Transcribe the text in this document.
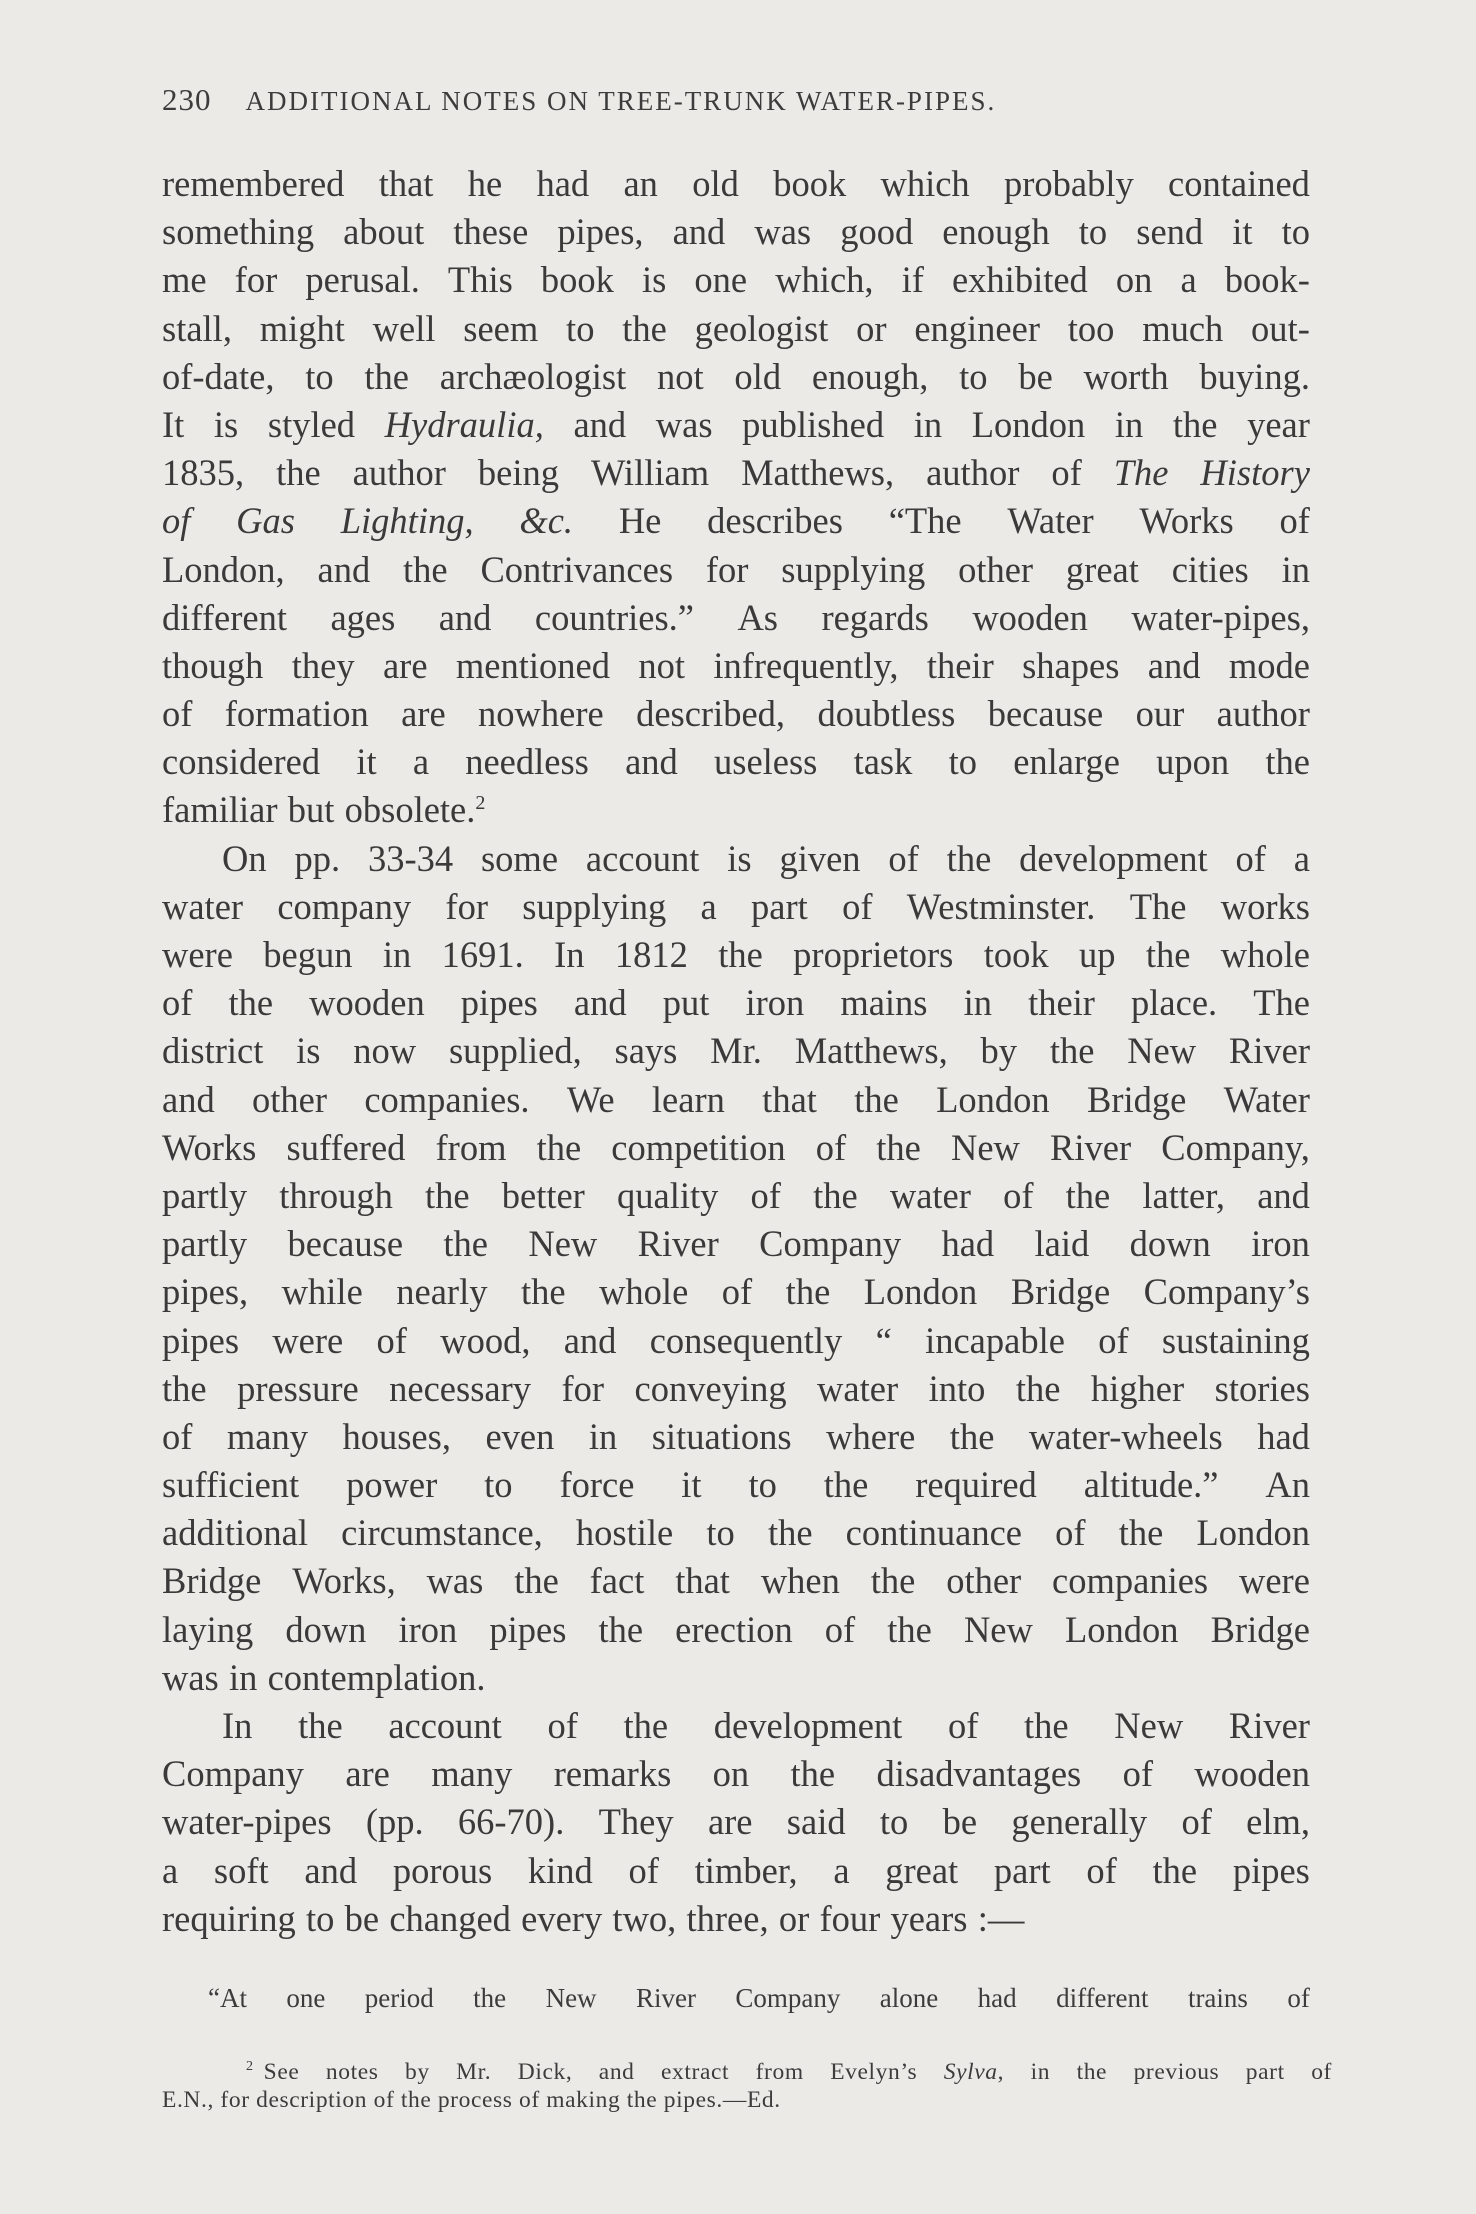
230 ADDITIONAL NOTES ON TREE-TRUNK WATER-PIPES.
remembered that he had an old book which probably contained
something about these pipes, and was good enough to send it to
me for perusal. This book is one which, if exhibited on a book-
stall, might well seem to the geologist or engineer too much out-
of-date, to the archæologist not old enough, to be worth buying.
It is styled Hydraulia, and was published in London in the year
1835, the author being William Matthews, author of The History
of Gas Lighting, &c. He describes “The Water Works of
London, and the Contrivances for supplying other great cities in
different ages and countries.” As regards wooden water-pipes,
though they are mentioned not infrequently, their shapes and mode
of formation are nowhere described, doubtless because our author
considered it a needless and useless task to enlarge upon the
familiar but obsolete.$^2$
On pp. 33-34 some account is given of the development of a
water company for supplying a part of Westminster. The works
were begun in 1691. In 1812 the proprietors took up the whole
of the wooden pipes and put iron mains in their place. The
district is now supplied, says Mr. Matthews, by the New River
and other companies. We learn that the London Bridge Water
Works suffered from the competition of the New River Company,
partly through the better quality of the water of the latter, and
partly because the New River Company had laid down iron
pipes, while nearly the whole of the London Bridge Company’s
pipes were of wood, and consequently “ incapable of sustaining
the pressure necessary for conveying water into the higher stories
of many houses, even in situations where the water-wheels had
sufficient power to force it to the required altitude.” An
additional circumstance, hostile to the continuance of the London
Bridge Works, was the fact that when the other companies were
laying down iron pipes the erection of the New London Bridge
was in contemplation.
In the account of the development of the New River
Company are many remarks on the disadvantages of wooden
water-pipes (pp. 66-70). They are said to be generally of elm,
a soft and porous kind of timber, a great part of the pipes
requiring to be changed every two, three, or four years :—
“At one period the New River Company alone had different trains of
$^2$ See notes by Mr. Dick, and extract from Evelyn’s Sylva, in the previous part of
E.N., for description of the process of making the pipes.—Ed.
